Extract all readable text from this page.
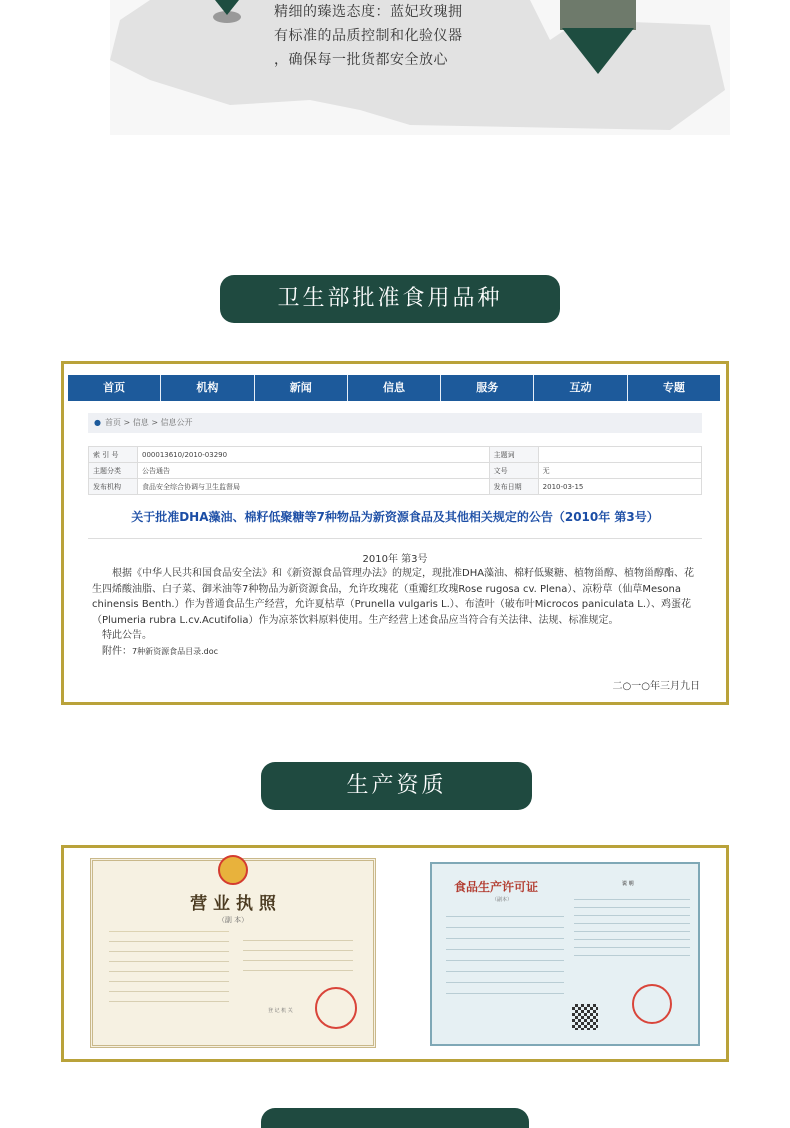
精细的臻选态度：蓝妃玫瑰拥
有标准的品质控制和化验仪器
，确保每一批货都安全放心
卫生部批准食用品种
首页	机构	新闻	信息	服务	互动	专题
● 首页 > 信息 > 信息公开
索 引 号	000013610/2010-03290	主题词	
主题分类	公告通告	文号	无
发布机构	食品安全综合协调与卫生监督局	发布日期	2010-03-15
关于批准DHA藻油、棉籽低聚糖等7种物品为新资源食品及其他相关规定的公告（2010年 第3号）
2010年 第3号
根据《中华人民共和国食品安全法》和《新资源食品管理办法》的规定，现批准DHA藻油、棉籽低聚糖、植物甾醇、植物甾醇酯、花生四烯酸油脂、白子菜、御米油等7种物品为新资源食品，允许玫瑰花（重瓣红玫瑰Rose rugosa cv. Plena）、凉粉草（仙草Mesona chinensis Benth.）作为普通食品生产经营，允许夏枯草（Prunella vulgaris L.）、布渣叶（破布叶Microcos paniculata L.）、鸡蛋花（Plumeria rubra L.cv.Acutifolia）作为凉茶饮料原料使用。生产经营上述食品应当符合有关法律、法规、标准规定。
特此公告。
附件：7种新资源食品目录.doc
二○一○年三月九日
生产资质
营 业 执 照
（副 本）
登 记 机 关
食品生产许可证
（副本）
说 明
